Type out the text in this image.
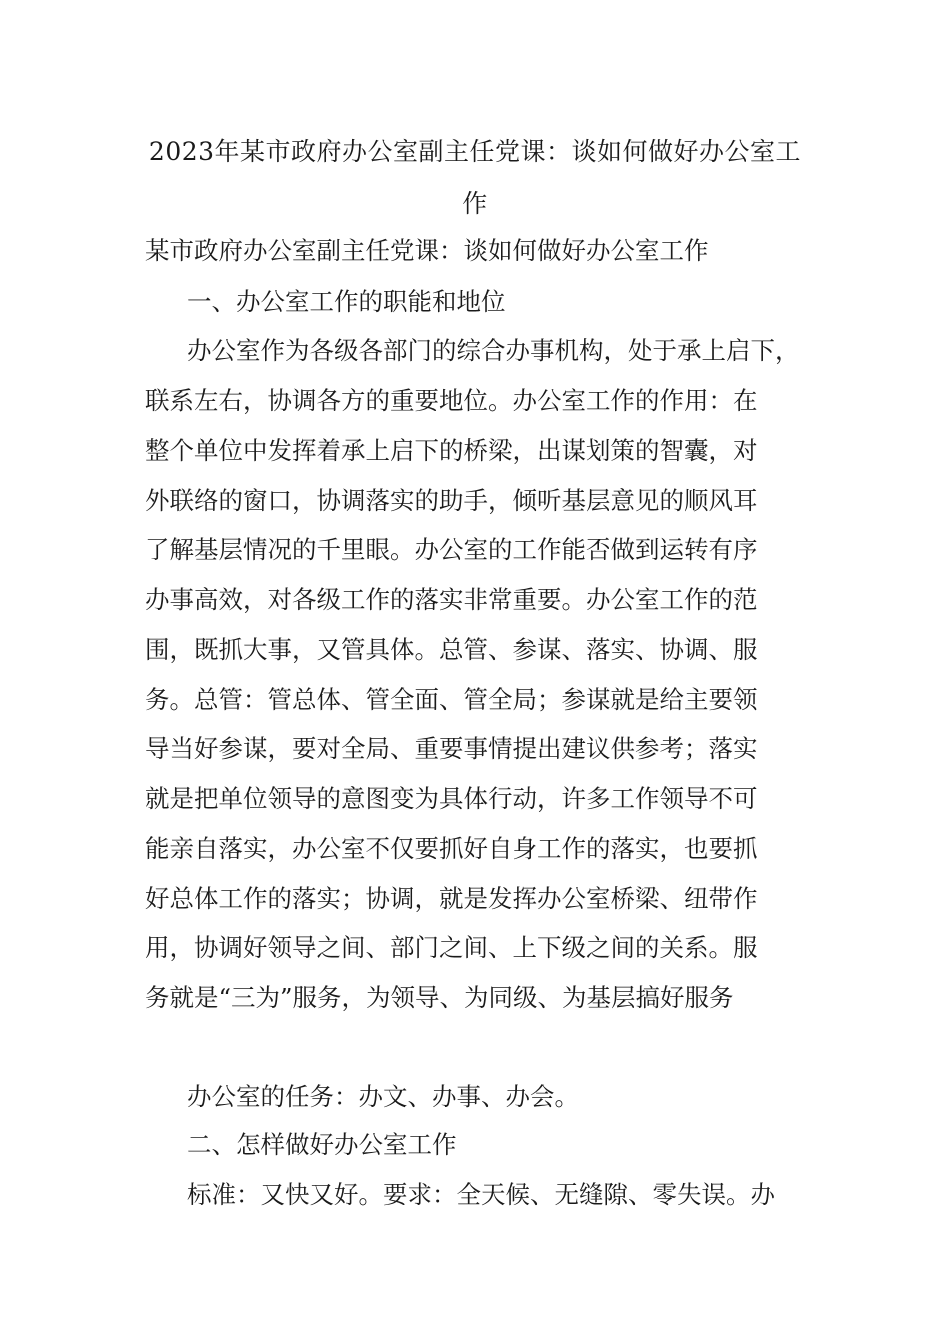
2023年某市政府办公室副主任党课：谈如何做好办公室工
作
某市政府办公室副主任党课：谈如何做好办公室工作
一、办公室工作的职能和地位
办公室作为各级各部门的综合办事机构，处于承上启下，
联系左右，协调各方的重要地位。办公室工作的作用：在
整个单位中发挥着承上启下的桥梁，出谋划策的智囊，对
外联络的窗口，协调落实的助手，倾听基层意见的顺风耳
了解基层情况的千里眼。办公室的工作能否做到运转有序
办事高效，对各级工作的落实非常重要。办公室工作的范
围，既抓大事，又管具体。总管、参谋、落实、协调、服
务。总管：管总体、管全面、管全局；参谋就是给主要领
导当好参谋，要对全局、重要事情提出建议供参考；落实
就是把单位领导的意图变为具体行动，许多工作领导不可
能亲自落实，办公室不仅要抓好自身工作的落实，也要抓
好总体工作的落实；协调，就是发挥办公室桥梁、纽带作
用，协调好领导之间、部门之间、上下级之间的关系。服
务就是“三为”服务，为领导、为同级、为基层搞好服务
办公室的任务：办文、办事、办会。
二、怎样做好办公室工作
标准：又快又好。要求：全天候、无缝隙、零失误。办
